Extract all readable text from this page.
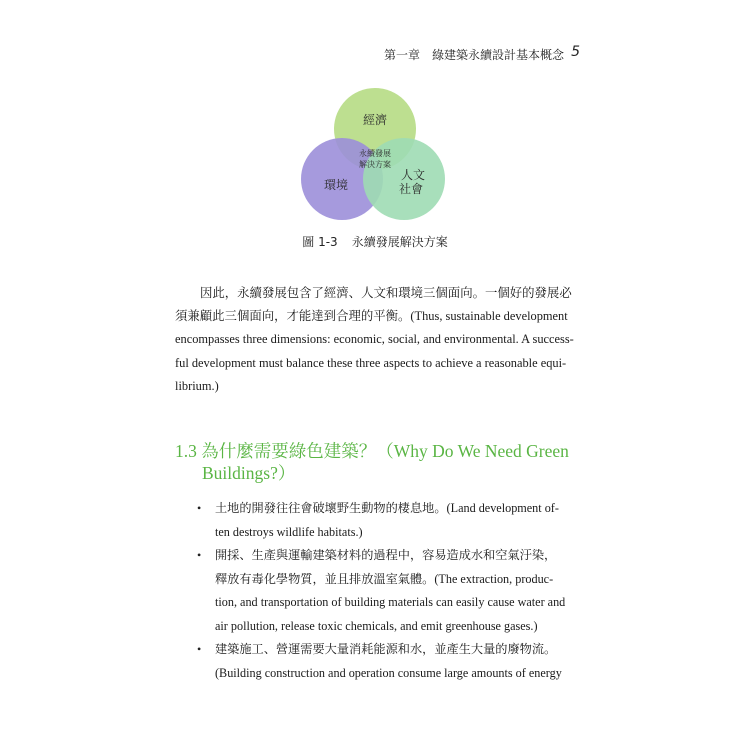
第一章　綠建築永續設計基本概念 5
經濟
環境
人文
社會
永續發展
解決方案
圖 1-3 永續發展解決方案
因此，永續發展包含了經濟、人文和環境三個面向。一個好的發展必
須兼顧此三個面向，才能達到合理的平衡。(Thus, sustainable development
encompasses three dimensions: economic, social, and environmental. A success-
ful development must balance these three aspects to achieve a reasonable equi-
librium.)
1.3 為什麼需要綠色建築？（Why Do We Need Green
Buildings?）
•	土地的開發往往會破壞野生動物的棲息地。(Land development of-
ten destroys wildlife habitats.)
•	開採、生產與運輸建築材料的過程中，容易造成水和空氣汙染，
釋放有毒化學物質，並且排放溫室氣體。(The extraction, produc-
tion, and transportation of building materials can easily cause water and
air pollution, release toxic chemicals, and emit greenhouse gases.)
•	建築施工、營運需要大量消耗能源和水，並產生大量的廢物流。
(Building construction and operation consume large amounts of energy
